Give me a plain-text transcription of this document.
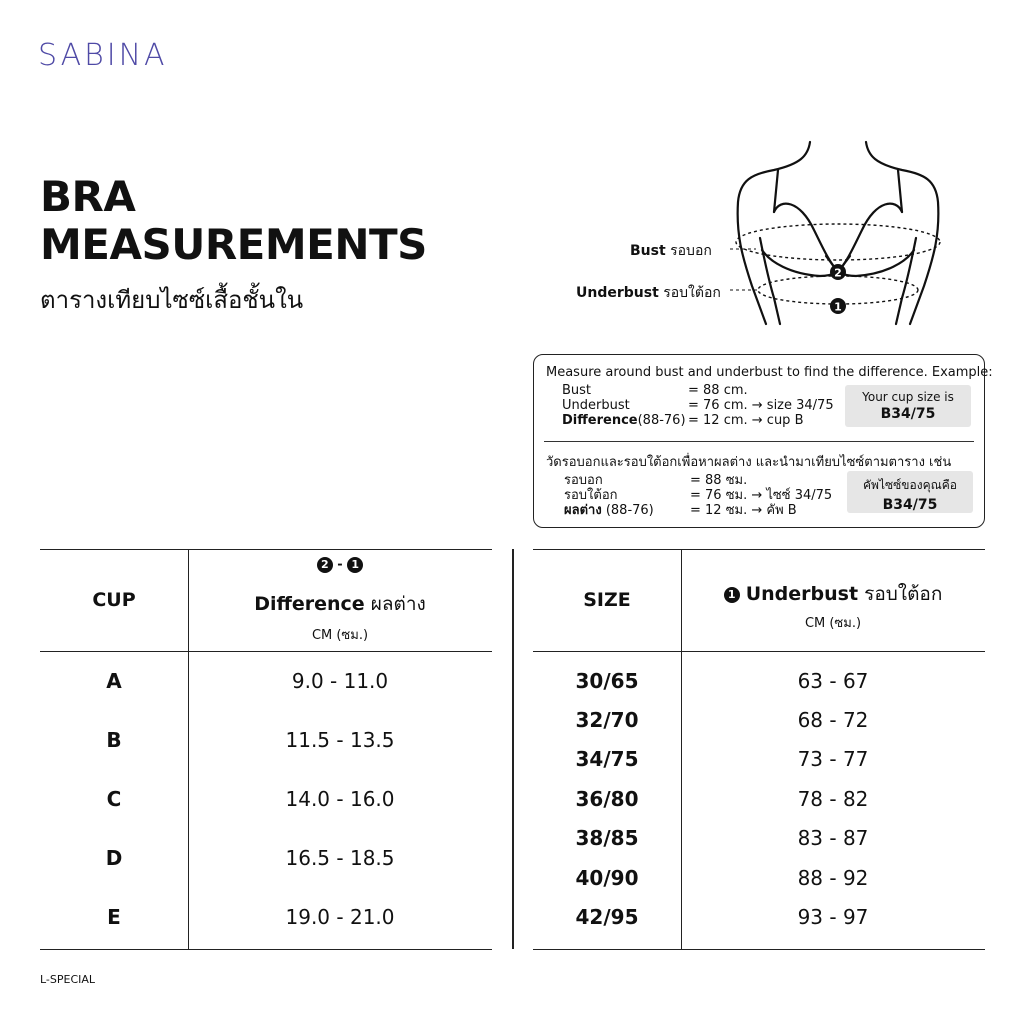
SABINA
BRA
MEASUREMENTS
ตารางเทียบไซซ์เสื้อชั้นใน
2
1
Bust รอบอก
Underbust รอบใต้อก
Measure around bust and underbust to find the difference. Example:
Bust	= 88 cm.
Underbust	= 76 cm. → size 34/75
Difference(88-76) = 12 cm. → cup B
Your cup size is
B34/75
วัดรอบอกและรอบใต้อกเพื่อหาผลต่าง และนำมาเทียบไซซ์ตามตาราง เช่น
รอบอก	= 88 ซม.
รอบใต้อก	= 76 ซม. → ไซซ์ 34/75
ผลต่าง (88-76)	= 12 ซม. → คัพ B
คัพไซซ์ของคุณคือ
B34/75
CUP
2 - 1
Difference ผลต่าง
CM (ซม.)
A	9.0 - 11.0
B	11.5 - 13.5
C	14.0 - 16.0
D	16.5 - 18.5
E	19.0 - 21.0
SIZE	1 Underbust รอบใต้อก
CM (ซม.)
30/65	63 - 67
32/70	68 - 72
34/75	73 - 77
36/80	78 - 82
38/85	83 - 87
40/90	88 - 92
42/95	93 - 97
L-SPECIAL
